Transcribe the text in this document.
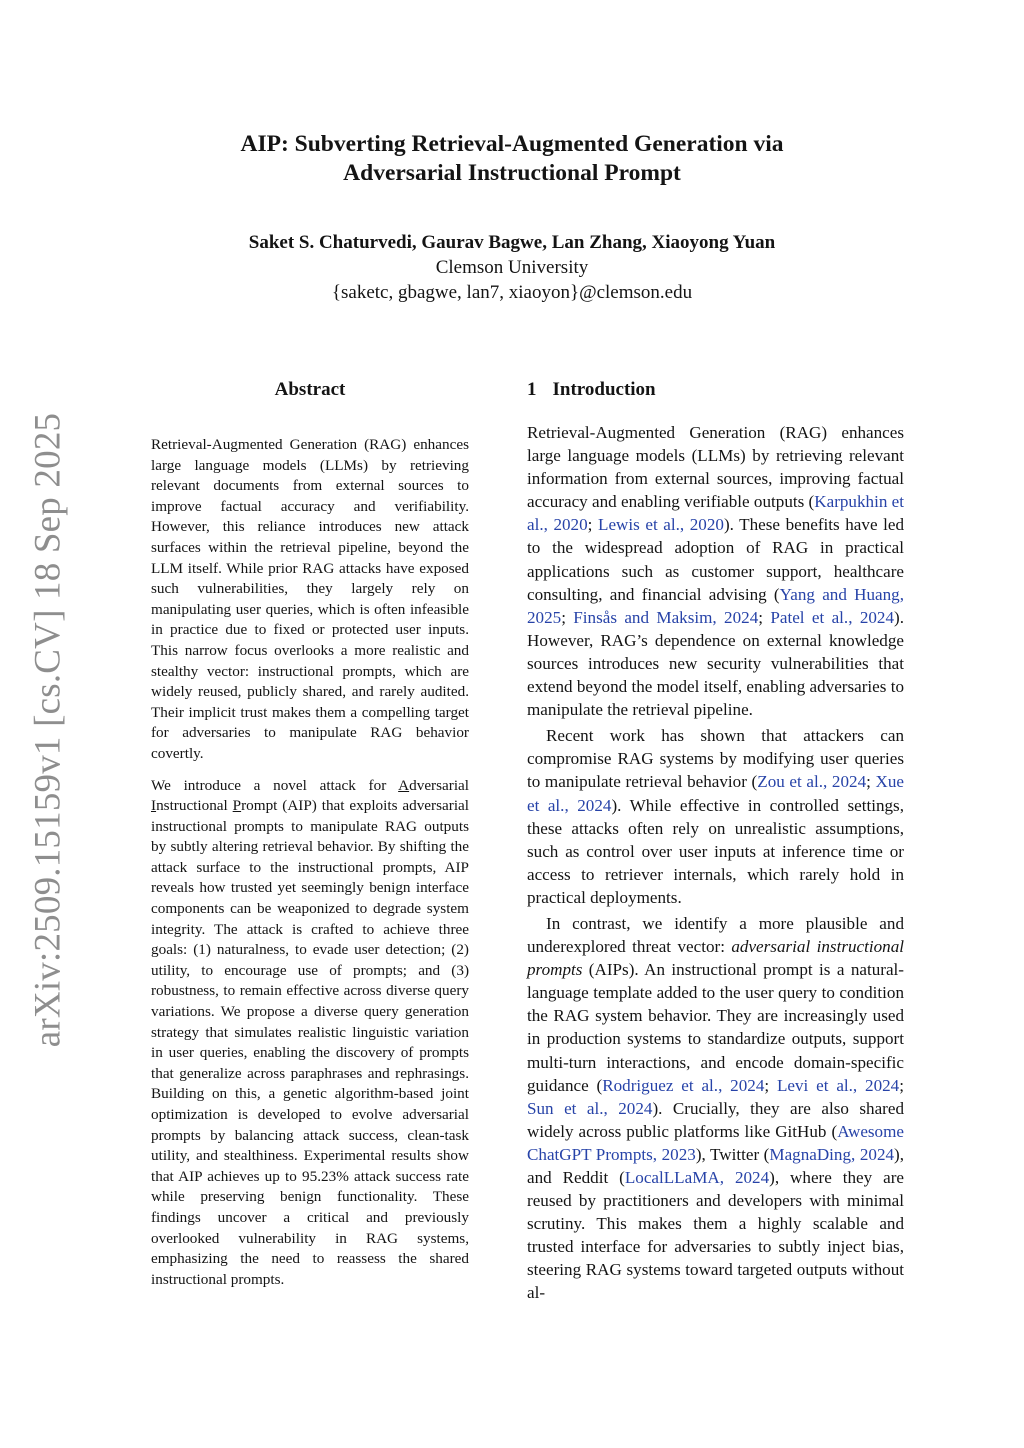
arXiv:2509.15159v1 [cs.CV] 18 Sep 2025
AIP: Subverting Retrieval-Augmented Generation via
Adversarial Instructional Prompt
Saket S. Chaturvedi, Gaurav Bagwe, Lan Zhang, Xiaoyong Yuan
Clemson University
{saketc, gbagwe, lan7, xiaoyon}@clemson.edu
Abstract	1 Introduction

Retrieval-Augmented Generation (RAG) enhances large language models (LLMs) by retrieving relevant documents from external sources to improve factual accuracy and verifiability. However, this reliance introduces new attack surfaces within the retrieval pipeline, beyond the LLM itself. While prior RAG attacks have exposed such vulnerabilities, they largely rely on manipulating user queries, which is often infeasible in practice due to fixed or protected user inputs. This narrow focus overlooks a more realistic and stealthy vector: instructional prompts, which are widely reused, publicly shared, and rarely audited. Their implicit trust makes them a compelling target for adversaries to manipulate RAG behavior covertly.

We introduce a novel attack for Adversarial Instructional Prompt (AIP) that exploits adversarial instructional prompts to manipulate RAG outputs by subtly altering retrieval behavior. By shifting the attack surface to the instructional prompts, AIP reveals how trusted yet seemingly benign interface components can be weaponized to degrade system integrity. The attack is crafted to achieve three goals: (1) naturalness, to evade user detection; (2) utility, to encourage use of prompts; and (3) robustness, to remain effective across diverse query variations. We propose a diverse query generation strategy that simulates realistic linguistic variation in user queries, enabling the discovery of prompts that generalize across paraphrases and rephrasings. Building on this, a genetic algorithm-based joint optimization is developed to evolve adversarial prompts by balancing attack success, clean-task utility, and stealthiness. Experimental results show that AIP achieves up to 95.23% attack success rate while preserving benign functionality. These findings uncover a critical and previously overlooked vulnerability in RAG systems, emphasizing the need to reassess the shared instructional prompts.

Retrieval-Augmented Generation (RAG) enhances large language models (LLMs) by retrieving relevant information from external sources, improving factual accuracy and enabling verifiable outputs (Karpukhin et al., 2020; Lewis et al., 2020). These benefits have led to the widespread adoption of RAG in practical applications such as customer support, healthcare consulting, and financial advising (Yang and Huang, 2025; Finsås and Maksim, 2024; Patel et al., 2024). However, RAG’s dependence on external knowledge sources introduces new security vulnerabilities that extend beyond the model itself, enabling adversaries to manipulate the retrieval pipeline.

Recent work has shown that attackers can compromise RAG systems by modifying user queries to manipulate retrieval behavior (Zou et al., 2024; Xue et al., 2024). While effective in controlled settings, these attacks often rely on unrealistic assumptions, such as control over user inputs at inference time or access to retriever internals, which rarely hold in practical deployments.

In contrast, we identify a more plausible and underexplored threat vector: adversarial instructional prompts (AIPs). An instructional prompt is a natural-language template added to the user query to condition the RAG system behavior. They are increasingly used in production systems to standardize outputs, support multi-turn interactions, and encode domain-specific guidance (Rodriguez et al., 2024; Levi et al., 2024; Sun et al., 2024). Crucially, they are also shared widely across public platforms like GitHub (Awesome ChatGPT Prompts, 2023), Twitter (MagnaDing, 2024), and Reddit (LocalLLaMA, 2024), where they are reused by practitioners and developers with minimal scrutiny. This makes them a highly scalable and trusted interface for adversaries to subtly inject bias, steering RAG systems toward targeted outputs without al-
